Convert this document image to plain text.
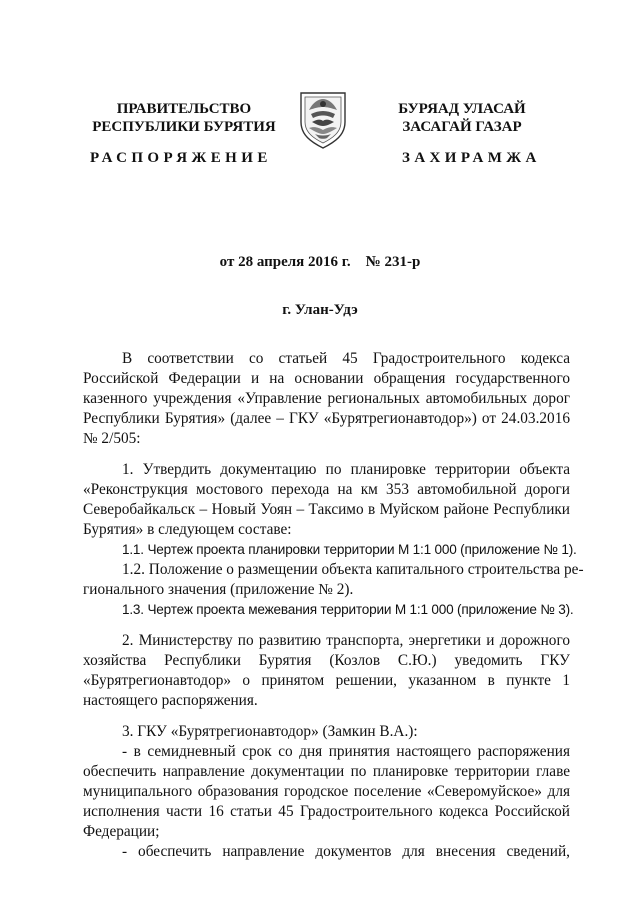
ПРАВИТЕЛЬСТВО
РЕСПУБЛИКИ БУРЯТИЯ
БУРЯАД УЛАСАЙ
ЗАСАГАЙ ГАЗАР
РАСПОРЯЖЕНИЕ	ЗАХИРАМЖА
от 28 апреля 2016 г.    № 231-р
г. Улан-Удэ

В соответствии со статьей 45 Градостроительного кодекса

Российской Федерации и на основании обращения государственного

казенного учреждения «Управление региональных автомобильных дорог

Республики Бурятия» (далее – ГКУ «Бурятрегионавтодор») от 24.03.2016

№ 2/505:

1. Утвердить документацию по планировке территории объекта

«Реконструкция мостового перехода на км 353 автомобильной дороги

Северобайкальск – Новый Уоян – Таксимо в Муйском районе Республики

Бурятия» в следующем составе:

1.1. Чертеж проекта планировки территории М 1:1 000 (приложение № 1).

1.2. Положение о размещении объекта капитального строительства ре-

гионального значения (приложение № 2).

1.3. Чертеж проекта межевания территории М 1:1 000 (приложение № 3).

2. Министерству по развитию транспорта, энергетики и дорожного

хозяйства Республики Бурятия (Козлов С.Ю.) уведомить ГКУ

«Бурятрегионавтодор» о принятом решении, указанном в пункте 1

настоящего распоряжения.

3. ГКУ «Бурятрегионавтодор» (Замкин В.А.):

- в семидневный срок со дня принятия настоящего распоряжения

обеспечить направление документации по планировке территории главе

муниципального образования городское поселение «Северомуйское» для

исполнения части 16 статьи 45 Градостроительного кодекса Российской

Федерации;

- обеспечить направление документов для внесения сведений,
